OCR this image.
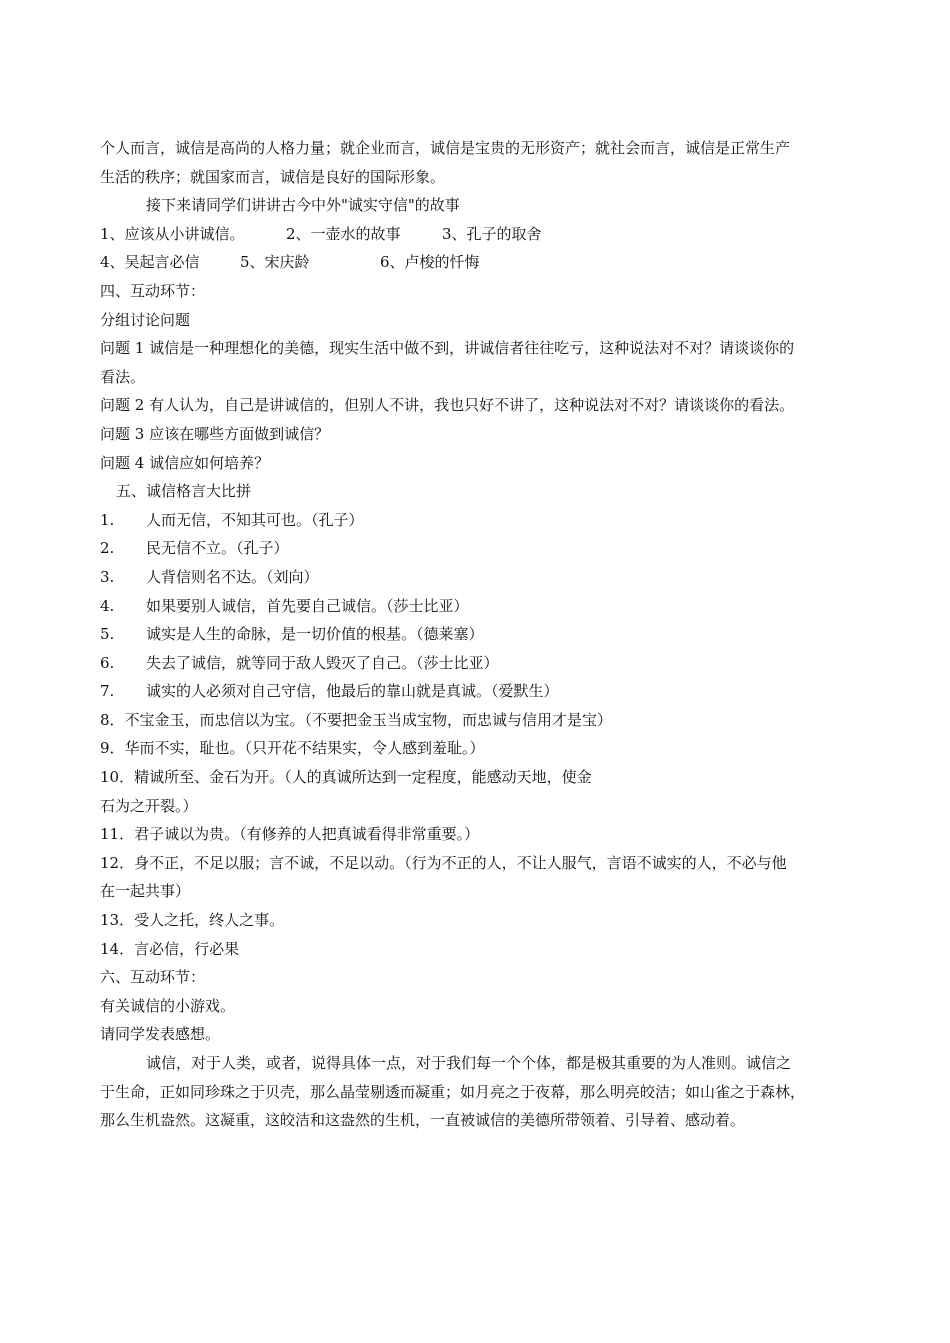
个人而言，诚信是高尚的人格力量；就企业而言，诚信是宝贵的无形资产；就社会而言，诚信是正常生产
生活的秩序；就国家而言，诚信是良好的国际形象。
接下来请同学们讲讲古今中外"诚实守信"的故事
1、应该从小讲诚信。	2、一壶水的故事	3、孔子的取舍
4、吴起言必信	5、宋庆龄	6、卢梭的忏悔
四、互动环节：
分组讨论问题
问题 1 诚信是一种理想化的美德，现实生活中做不到，讲诚信者往往吃亏，这种说法对不对？请谈谈你的
看法。
问题 2 有人认为，自己是讲诚信的，但别人不讲，我也只好不讲了，这种说法对不对？请谈谈你的看法。
问题 3 应该在哪些方面做到诚信？
问题 4 诚信应如何培养？
五、诚信格言大比拼
1. 人而无信，不知其可也。（孔子）
2. 民无信不立。（孔子）
3. 人背信则名不达。（刘向）
4. 如果要别人诚信，首先要自己诚信。（莎士比亚）
5. 诚实是人生的命脉，是一切价值的根基。（德莱塞）
6. 失去了诚信，就等同于敌人毁灭了自己。（莎士比亚）
7. 诚实的人必须对自己守信，他最后的靠山就是真诚。（爱默生）
8．不宝金玉，而忠信以为宝。（不要把金玉当成宝物，而忠诚与信用才是宝）
9．华而不实，耻也。（只开花不结果实，令人感到羞耻。）
10．精诚所至、金石为开。（人的真诚所达到一定程度，能感动天地，使金
石为之开裂。）
11．君子诚以为贵。（有修养的人把真诚看得非常重要。）
12．身不正，不足以服；言不诚，不足以动。（行为不正的人，不让人服气，言语不诚实的人，不必与他
在一起共事）
13．受人之托，终人之事。
14．言必信，行必果
六、互动环节：
有关诚信的小游戏。
请同学发表感想。
诚信，对于人类，或者，说得具体一点，对于我们每一个个体，都是极其重要的为人准则。诚信之
于生命，正如同珍珠之于贝壳，那么晶莹剔透而凝重；如月亮之于夜幕，那么明亮皎洁；如山雀之于森林，
那么生机盎然。这凝重，这皎洁和这盎然的生机，一直被诚信的美德所带领着、引导着、感动着。
